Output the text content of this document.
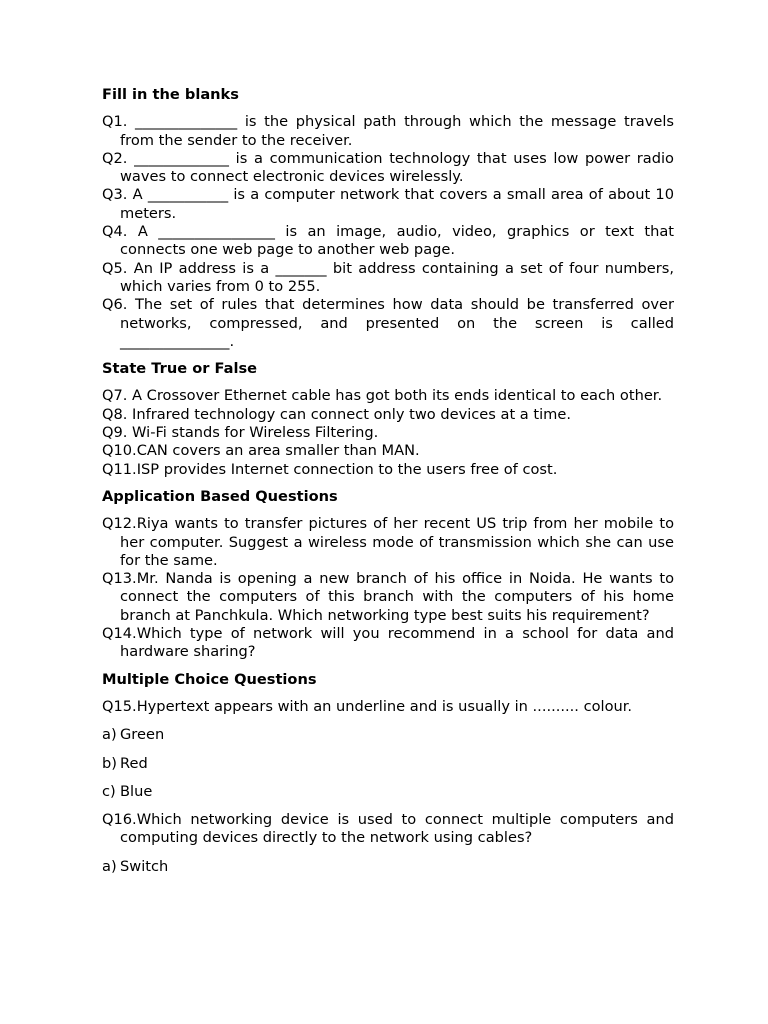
Fill in the blanks

Q1. ______________ is the physical path through which the message travels from the sender to the receiver.

Q2. _____________ is a communication technology that uses low power radio waves to connect electronic devices wirelessly.

Q3. A ___________ is a computer network that covers a small area of about 10 meters.

Q4. A ________________ is an image, audio, video, graphics or text that connects one web page to another web page.

Q5. An IP address is a _______ bit address containing a set of four numbers, which varies from 0 to 255.

Q6. The set of rules that determines how data should be transferred over networks, compressed, and presented on the screen is called _______________.

State True or False

Q7. A Crossover Ethernet cable has got both its ends identical to each other.

Q8. Infrared technology can connect only two devices at a time.

Q9. Wi-Fi stands for Wireless Filtering.

Q10.CAN covers an area smaller than MAN.

Q11.ISP provides Internet connection to the users free of cost.

Application Based Questions

Q12.Riya wants to transfer pictures of her recent US trip from her mobile to her computer. Suggest a wireless mode of transmission which she can use for the same.

Q13.Mr. Nanda is opening a new branch of his office in Noida. He wants to connect the computers of this branch with the computers of his home branch at Panchkula. Which networking type best suits his requirement?

Q14.Which type of network will you recommend in a school for data and hardware sharing?

Multiple Choice Questions

Q15.Hypertext appears with an underline and is usually in .......... colour.

a) Green
b) Red
c) Blue

Q16.Which networking device is used to connect multiple computers and computing devices directly to the network using cables?

a) Switch
